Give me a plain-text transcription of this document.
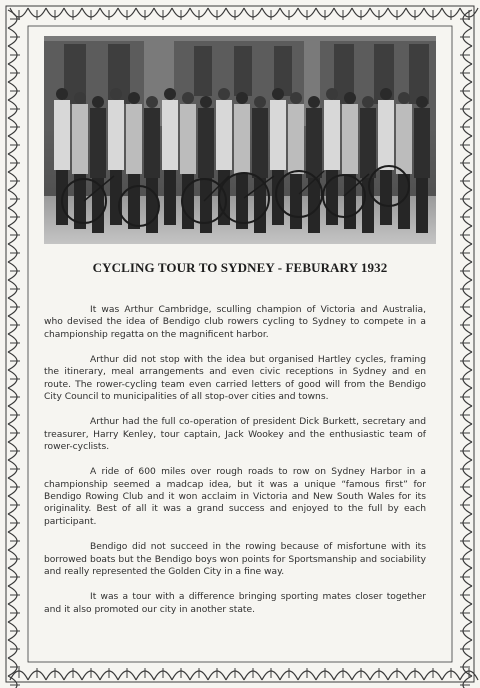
CYCLING TOUR TO SYDNEY - FEBURARY 1932

It was Arthur Cambridge, sculling champion of Victoria and Australia, who devised the idea of Bendigo club rowers cycling to Sydney to compete in a championship regatta on the magnificent harbor.

Arthur did not stop with the idea but organised Hartley cycles, framing the itinerary, meal arrangements and even civic receptions in Sydney and en route. The rower-cycling team even carried letters of good will from the Bendigo City Council to municipalities of all stop-over cities and towns.

Arthur had the full co-operation of president Dick Burkett, secretary and treasurer, Harry Kenley, tour captain, Jack Wookey and the enthusiastic team of rower-cyclists.

A ride of 600 miles over rough roads to row on Sydney Harbor in a championship seemed a madcap idea, but it was a unique “famous first” for Bendigo Rowing Club and it won acclaim in Victoria and New South Wales for its originality. Best of all it was a grand success and enjoyed to the full by each participant.

Bendigo did not succeed in the rowing because of misfortune with its borrowed boats but the Bendigo boys won points for Sportsmanship and sociability and really represented the Golden City in a fine way.

It was a tour with a difference bringing sporting mates closer together and it also promoted our city in another state.
